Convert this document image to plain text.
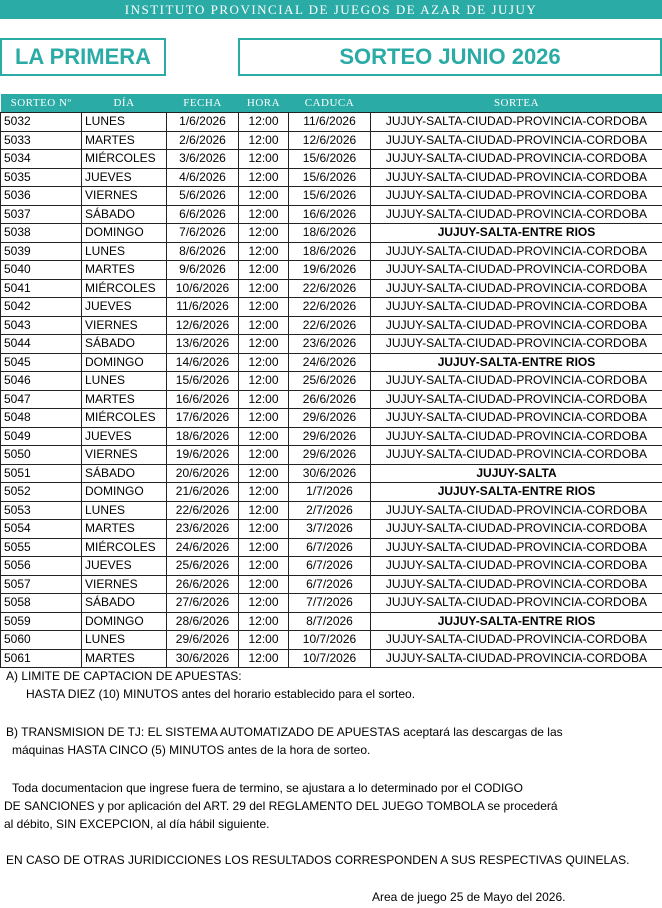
INSTITUTO PROVINCIAL DE JUEGOS DE AZAR DE JUJUY
LA PRIMERA	SORTEO JUNIO 2026
SORTEO Nº	DÍA	FECHA	HORA	CADUCA	SORTEA
5032	LUNES	1/6/2026	12:00	11/6/2026	JUJUY-SALTA-CIUDAD-PROVINCIA-CORDOBA
5033	MARTES	2/6/2026	12:00	12/6/2026	JUJUY-SALTA-CIUDAD-PROVINCIA-CORDOBA
5034	MIÉRCOLES	3/6/2026	12:00	15/6/2026	JUJUY-SALTA-CIUDAD-PROVINCIA-CORDOBA
5035	JUEVES	4/6/2026	12:00	15/6/2026	JUJUY-SALTA-CIUDAD-PROVINCIA-CORDOBA
5036	VIERNES	5/6/2026	12:00	15/6/2026	JUJUY-SALTA-CIUDAD-PROVINCIA-CORDOBA
5037	SÁBADO	6/6/2026	12:00	16/6/2026	JUJUY-SALTA-CIUDAD-PROVINCIA-CORDOBA
5038	DOMINGO	7/6/2026	12:00	18/6/2026	JUJUY-SALTA-ENTRE RIOS
5039	LUNES	8/6/2026	12:00	18/6/2026	JUJUY-SALTA-CIUDAD-PROVINCIA-CORDOBA
5040	MARTES	9/6/2026	12:00	19/6/2026	JUJUY-SALTA-CIUDAD-PROVINCIA-CORDOBA
5041	MIÉRCOLES	10/6/2026	12:00	22/6/2026	JUJUY-SALTA-CIUDAD-PROVINCIA-CORDOBA
5042	JUEVES	11/6/2026	12:00	22/6/2026	JUJUY-SALTA-CIUDAD-PROVINCIA-CORDOBA
5043	VIERNES	12/6/2026	12:00	22/6/2026	JUJUY-SALTA-CIUDAD-PROVINCIA-CORDOBA
5044	SÁBADO	13/6/2026	12:00	23/6/2026	JUJUY-SALTA-CIUDAD-PROVINCIA-CORDOBA
5045	DOMINGO	14/6/2026	12:00	24/6/2026	JUJUY-SALTA-ENTRE RIOS
5046	LUNES	15/6/2026	12:00	25/6/2026	JUJUY-SALTA-CIUDAD-PROVINCIA-CORDOBA
5047	MARTES	16/6/2026	12:00	26/6/2026	JUJUY-SALTA-CIUDAD-PROVINCIA-CORDOBA
5048	MIÉRCOLES	17/6/2026	12:00	29/6/2026	JUJUY-SALTA-CIUDAD-PROVINCIA-CORDOBA
5049	JUEVES	18/6/2026	12:00	29/6/2026	JUJUY-SALTA-CIUDAD-PROVINCIA-CORDOBA
5050	VIERNES	19/6/2026	12:00	29/6/2026	JUJUY-SALTA-CIUDAD-PROVINCIA-CORDOBA
5051	SÁBADO	20/6/2026	12:00	30/6/2026	JUJUY-SALTA
5052	DOMINGO	21/6/2026	12:00	1/7/2026	JUJUY-SALTA-ENTRE RIOS
5053	LUNES	22/6/2026	12:00	2/7/2026	JUJUY-SALTA-CIUDAD-PROVINCIA-CORDOBA
5054	MARTES	23/6/2026	12:00	3/7/2026	JUJUY-SALTA-CIUDAD-PROVINCIA-CORDOBA
5055	MIÉRCOLES	24/6/2026	12:00	6/7/2026	JUJUY-SALTA-CIUDAD-PROVINCIA-CORDOBA
5056	JUEVES	25/6/2026	12:00	6/7/2026	JUJUY-SALTA-CIUDAD-PROVINCIA-CORDOBA
5057	VIERNES	26/6/2026	12:00	6/7/2026	JUJUY-SALTA-CIUDAD-PROVINCIA-CORDOBA
5058	SÁBADO	27/6/2026	12:00	7/7/2026	JUJUY-SALTA-CIUDAD-PROVINCIA-CORDOBA
5059	DOMINGO	28/6/2026	12:00	8/7/2026	JUJUY-SALTA-ENTRE RIOS
5060	LUNES	29/6/2026	12:00	10/7/2026	JUJUY-SALTA-CIUDAD-PROVINCIA-CORDOBA
5061	MARTES	30/6/2026	12:00	10/7/2026	JUJUY-SALTA-CIUDAD-PROVINCIA-CORDOBA
A) LIMITE DE CAPTACION DE APUESTAS:
HASTA DIEZ (10) MINUTOS antes del horario establecido para el sorteo.
B) TRANSMISION DE TJ: EL SISTEMA AUTOMATIZADO DE APUESTAS aceptará las descargas de las
máquinas HASTA CINCO (5) MINUTOS antes de la hora de sorteo.
Toda documentacion que ingrese fuera de termino, se ajustara a lo determinado por el CODIGO
DE SANCIONES y por aplicación del ART. 29 del REGLAMENTO DEL JUEGO TOMBOLA se procederá
al débito, SIN EXCEPCION, al día hábil siguiente.
EN CASO DE OTRAS JURIDICCIONES LOS RESULTADOS CORRESPONDEN A SUS RESPECTIVAS QUINELAS.
Area de juego 25 de Mayo del 2026.
